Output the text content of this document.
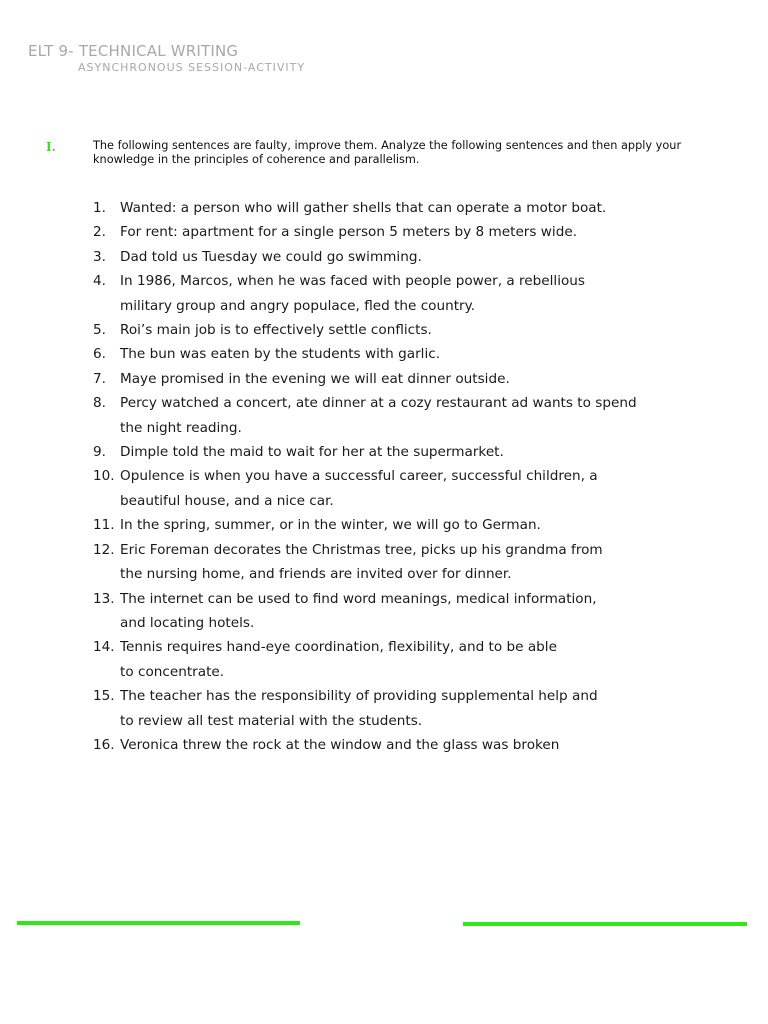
ELT 9- TECHNICAL WRITING
ASYNCHRONOUS SESSION-ACTIVITY
I.	The following sentences are faulty, improve them. Analyze the following sentences and then apply your knowledge in the principles of coherence and parallelism.
1.	Wanted: a person who will gather shells that can operate a motor boat.
2.	For rent: apartment for a single person 5 meters by 8 meters wide.
3.	Dad told us Tuesday we could go swimming.
4.	In 1986, Marcos, when he was faced with people power, a rebellious
military group and angry populace, fled the country.
5.	Roi’s main job is to effectively settle conflicts.
6.	The bun was eaten by the students with garlic.
7.	Maye promised in the evening we will eat dinner outside.
8.	Percy watched a concert, ate dinner at a cozy restaurant ad wants to spend
the night reading.
9.	Dimple told the maid to wait for her at the supermarket.
10. Opulence is when you have a successful career, successful children, a
beautiful house, and a nice car.
11. In the spring, summer, or in the winter, we will go to German.
12. Eric Foreman decorates the Christmas tree, picks up his grandma from
the nursing home, and friends are invited over for dinner.
13. The internet can be used to find word meanings, medical information,
and locating hotels.
14. Tennis requires hand-eye coordination, flexibility, and to be able
to concentrate.
15. The teacher has the responsibility of providing supplemental help and
to review all test material with the students.
16. Veronica threw the rock at the window and the glass was broken
